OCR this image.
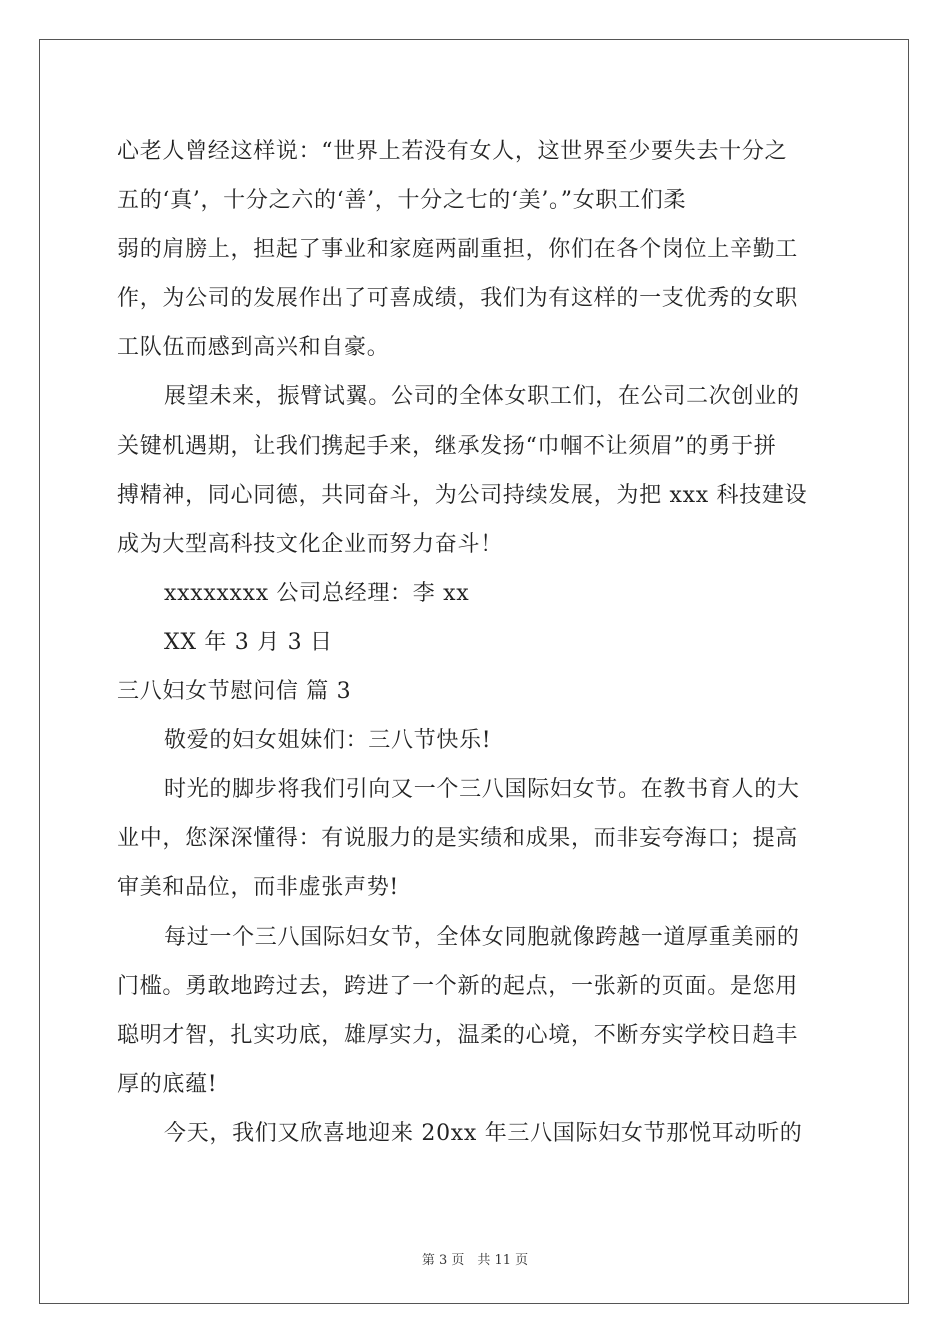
心老人曾经这样说：“世界上若没有女人，这世界至少要失去十分之
五的‘真’，十分之六的‘善’，十分之七的‘美’。”女职工们柔
弱的肩膀上，担起了事业和家庭两副重担，你们在各个岗位上辛勤工
作，为公司的发展作出了可喜成绩，我们为有这样的一支优秀的女职
工队伍而感到高兴和自豪。
展望未来，振臂试翼。公司的全体女职工们，在公司二次创业的
关键机遇期，让我们携起手来，继承发扬“巾帼不让须眉”的勇于拼
搏精神，同心同德，共同奋斗，为公司持续发展，为把 xxx 科技建设
成为大型高科技文化企业而努力奋斗！
xxxxxxxx 公司总经理：李 xx
XX 年 3 月 3 日
三八妇女节慰问信 篇 3
敬爱的妇女姐妹们：三八节快乐!
时光的脚步将我们引向又一个三八国际妇女节。在教书育人的大
业中，您深深懂得：有说服力的是实绩和成果，而非妄夸海口；提高
审美和品位，而非虚张声势!
每过一个三八国际妇女节，全体女同胞就像跨越一道厚重美丽的
门槛。勇敢地跨过去，跨进了一个新的起点，一张新的页面。是您用
聪明才智，扎实功底，雄厚实力，温柔的心境，不断夯实学校日趋丰
厚的底蕴!
今天，我们又欣喜地迎来 20xx 年三八国际妇女节那悦耳动听的
第 3 页　共 11 页
